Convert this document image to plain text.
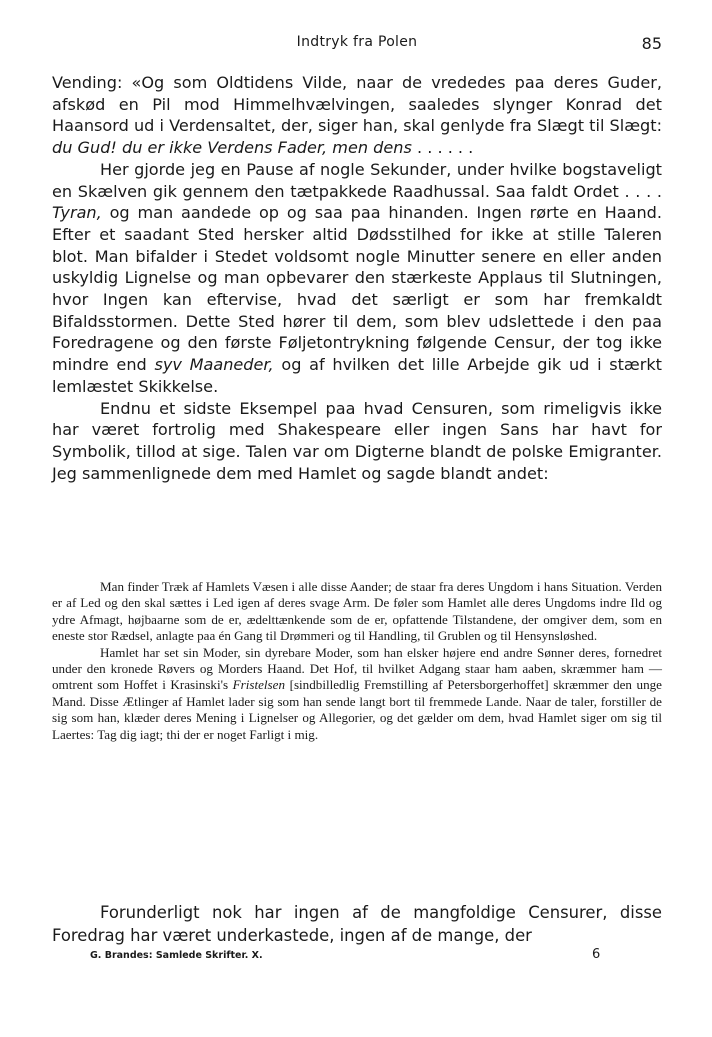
Indtryk fra Polen	85

Vending: «Og som Oldtidens Vilde, naar de vrededes paa deres Guder, afskød en Pil mod Himmelhvælvingen, saaledes slynger Konrad det Haansord ud i Verdensaltet, der, siger han, skal genlyde fra Slægt til Slægt: du Gud! du er ikke Verdens Fader, men dens . . . . . .

Her gjorde jeg en Pause af nogle Sekunder, under hvilke bogstaveligt en Skælven gik gennem den tætpakkede Raadhussal. Saa faldt Ordet . . . . Tyran, og man aandede op og saa paa hinanden. Ingen rørte en Haand. Efter et saadant Sted hersker altid Dødsstilhed for ikke at stille Taleren blot. Man bifalder i Stedet voldsomt nogle Minutter senere en eller anden uskyldig Lignelse og man opbevarer den stærkeste Applaus til Slutningen, hvor Ingen kan eftervise, hvad det særligt er som har fremkaldt Bifaldsstormen. Dette Sted hører til dem, som blev udslettede i den paa Foredragene og den første Føljetontrykning følgende Censur, der tog ikke mindre end syv Maaneder, og af hvilken det lille Arbejde gik ud i stærkt lemlæstet Skikkelse.

Endnu et sidste Eksempel paa hvad Censuren, som rimeligvis ikke har været fortrolig med Shakespeare eller ingen Sans har havt for Symbolik, tillod at sige. Talen var om Digterne blandt de polske Emigranter. Jeg sammenlignede dem med Hamlet og sagde blandt andet:

Man finder Træk af Hamlets Væsen i alle disse Aander; de staar fra deres Ungdom i hans Situation. Verden er af Led og den skal sættes i Led igen af deres svage Arm. De føler som Hamlet alle deres Ungdoms indre Ild og ydre Afmagt, højbaarne som de er, ædelttænkende som de er, opfattende Tilstandene, der omgiver dem, som en eneste stor Rædsel, anlagte paa én Gang til Drømmeri og til Handling, til Grublen og til Hensynsløshed.

Hamlet har set sin Moder, sin dyrebare Moder, som han elsker højere end andre Sønner deres, fornedret under den kronede Røvers og Morders Haand. Det Hof, til hvilket Adgang staar ham aaben, skræmmer ham — omtrent som Hoffet i Krasinski's Fristelsen [sindbilledlig Fremstilling af Petersborgerhoffet] skræmmer den unge Mand. Disse Ætlinger af Hamlet lader sig som han sende langt bort til fremmede Lande. Naar de taler, forstiller de sig som han, klæder deres Mening i Lignelser og Allegorier, og det gælder om dem, hvad Hamlet siger om sig til Laertes: Tag dig iagt; thi der er noget Farligt i mig.

Forunderligt nok har ingen af de mangfoldige Censurer, disse Foredrag har været underkastede, ingen af de mange, der

G. Brandes: Samlede Skrifter. X.	6
